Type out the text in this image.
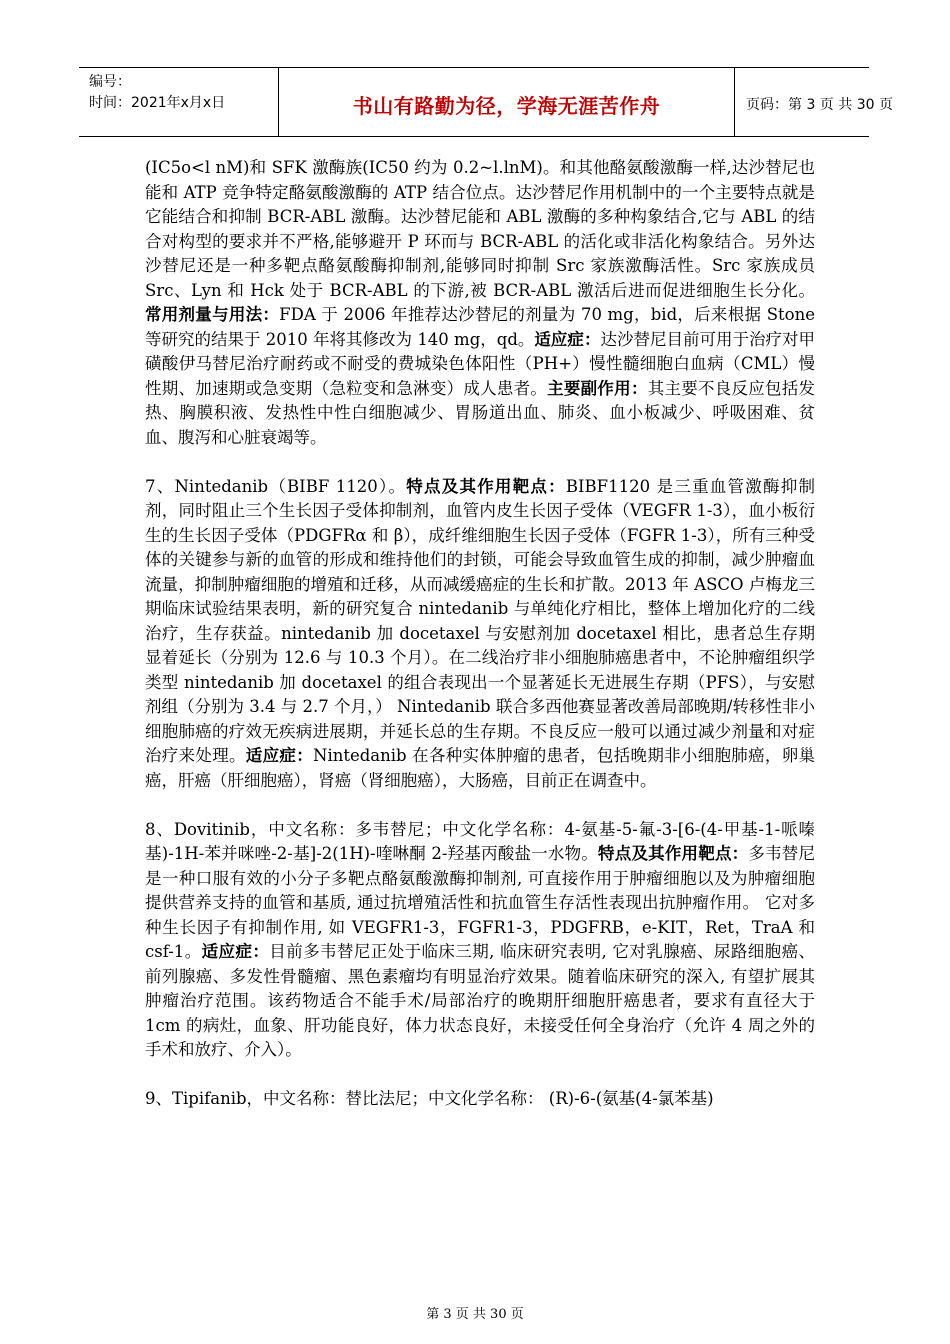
编号：
时间：2021年x月x日	书山有路勤为径，学海无涯苦作舟	页码：第 3 页 共 30 页

(IC5o<l nM)和 SFK 激酶族(IC50 约为 0.2~l.lnM)。和其他酪氨酸激酶一样,达沙替尼也能和 ATP 竞争特定酪氨酸激酶的 ATP 结合位点。达沙替尼作用机制中的一个主要特点就是它能结合和抑制 BCR-ABL 激酶。达沙替尼能和 ABL 激酶的多种构象结合,它与 ABL 的结合对构型的要求并不严格,能够避开 P 环而与 BCR-ABL 的活化或非活化构象结合。另外达沙替尼还是一种多靶点酪氨酸酶抑制剂,能够同时抑制 Src 家族激酶活性。Src 家族成员 Src、Lyn 和 Hck 处于 BCR-ABL 的下游,被 BCR-ABL 激活后进而促进细胞生长分化。常用剂量与用法：FDA 于 2006 年推荐达沙替尼的剂量为 70 mg，bid，后来根据 Stone 等研究的结果于 2010 年将其修改为 140 mg，qd。适应症：达沙替尼目前可用于治疗对甲磺酸伊马替尼治疗耐药或不耐受的费城染色体阳性（PH+）慢性髓细胞白血病（CML）慢性期、加速期或急变期（急粒变和急淋变）成人患者。主要副作用：其主要不良反应包括发热、胸膜积液、发热性中性白细胞减少、胃肠道出血、肺炎、血小板减少、呼吸困难、贫血、腹泻和心脏衰竭等。

7、Nintedanib（BIBF 1120）。特点及其作用靶点：BIBF1120 是三重血管激酶抑制剂，同时阻止三个生长因子受体抑制剂，血管内皮生长因子受体（VEGFR 1-3），血小板衍生的生长因子受体（PDGFRα 和 β），成纤维细胞生长因子受体（FGFR 1-3），所有三种受体的关键参与新的血管的形成和维持他们的封锁，可能会导致血管生成的抑制，减少肿瘤血流量，抑制肿瘤细胞的增殖和迁移，从而减缓癌症的生长和扩散。2013 年 ASCO 卢梅龙三期临床试验结果表明，新的研究复合 nintedanib 与单纯化疗相比，整体上增加化疗的二线治疗，生存获益。nintedanib 加 docetaxel 与安慰剂加 docetaxel 相比，患者总生存期显着延长（分别为 12.6 与 10.3 个月）。在二线治疗非小细胞肺癌患者中，不论肿瘤组织学类型 nintedanib 加 docetaxel 的组合表现出一个显著延长无进展生存期（PFS），与安慰剂组（分别为 3.4 与 2.7 个月，） Nintedanib 联合多西他赛显著改善局部晚期/转移性非小细胞肺癌的疗效无疾病进展期，并延长总的生存期。不良反应一般可以通过减少剂量和对症治疗来处理。适应症：Nintedanib 在各种实体肿瘤的患者，包括晚期非小细胞肺癌，卵巢癌，肝癌（肝细胞癌），肾癌（肾细胞癌），大肠癌，目前正在调查中。

8、Dovitinib，中文名称：多韦替尼；中文化学名称：4-氨基-5-氟-3-[6-(4-甲基-1-哌嗪基)-1H-苯并咪唑-2-基]-2(1H)-喹啉酮 2-羟基丙酸盐一水物。特点及其作用靶点：多韦替尼是一种口服有效的小分子多靶点酪氨酸激酶抑制剂, 可直接作用于肿瘤细胞以及为肿瘤细胞提供营养支持的血管和基质, 通过抗增殖活性和抗血管生存活性表现出抗肿瘤作用。 它对多种生长因子有抑制作用, 如 VEGFR1-3，FGFR1-3，PDGFRB，e-KIT，Ret，TraA 和 csf-1。适应症：目前多韦替尼正处于临床三期, 临床研究表明, 它对乳腺癌、尿路细胞癌、前列腺癌、多发性骨髓瘤、黑色素瘤均有明显治疗效果。随着临床研究的深入, 有望扩展其肿瘤治疗范围。该药物适合不能手术/局部治疗的晚期肝细胞肝癌患者，要求有直径大于 1cm 的病灶，血象、肝功能良好，体力状态良好，未接受任何全身治疗（允许 4 周之外的手术和放疗、介入）。

9、Tipifanib，中文名称：替比法尼；中文化学名称： (R)-6-(氨基(4-氯苯基)

第 3 页 共 30 页
